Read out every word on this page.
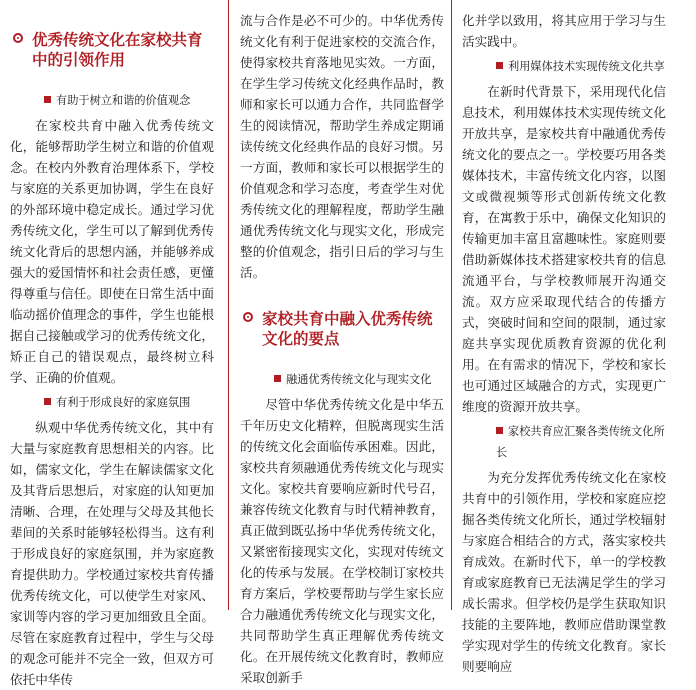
优秀传统文化在家校共育中的引领作用
有助于树立和谐的价值观念

在家校共育中融入优秀传统文化，能够帮助学生树立和谐的价值观念。在校内外教育治理体系下，学校与家庭的关系更加协调，学生在良好的外部环境中稳定成长。通过学习优秀传统文化，学生可以了解到优秀传统文化背后的思想内涵，并能够养成强大的爱国情怀和社会责任感，更懂得尊重与信任。即使在日常生活中面临动摇价值理念的事件，学生也能根据自己接触或学习的优秀传统文化，矫正自己的错误观点，最终树立科学、正确的价值观。

有利于形成良好的家庭氛围

纵观中华优秀传统文化，其中有大量与家庭教育思想相关的内容。比如，儒家文化，学生在解读儒家文化及其背后思想后，对家庭的认知更加清晰、合理，在处理与父母及其他长辈间的关系时能够轻松得当。这有利于形成良好的家庭氛围，并为家庭教育提供助力。学校通过家校共育传播优秀传统文化，可以使学生对家风、家训等内容的学习更加细致且全面。尽管在家庭教育过程中，学生与父母的观念可能并不完全一致，但双方可依托中华传

流与合作是必不可少的。中华优秀传统文化有利于促进家校的交流合作，使得家校共育落地见实效。一方面，在学生学习传统文化经典作品时，教师和家长可以通力合作，共同监督学生的阅读情况，帮助学生养成定期诵读传统文化经典作品的良好习惯。另一方面，教师和家长可以根据学生的价值观念和学习态度，考查学生对优秀传统文化的理解程度，帮助学生融通优秀传统文化与现实文化，形成完整的价值观念，指引日后的学习与生活。

家校共育中融入优秀传统文化的要点
融通优秀传统文化与现实文化

尽管中华优秀传统文化是中华五千年历史文化精粹，但脱离现实生活的传统文化会面临传承困难。因此，家校共育须融通优秀传统文化与现实文化。家校共育要响应新时代号召，兼容传统文化教育与时代精神教育，真正做到既弘扬中华优秀传统文化，又紧密衔接现实文化，实现对传统文化的传承与发展。在学校制订家校共育方案后，学校要帮助与学生家长应合力融通优秀传统文化与现实文化，共同帮助学生真正理解优秀传统文化。在开展传统文化教育时，教师应采取创新手

化并学以致用，将其应用于学习与生活实践中。

利用媒体技术实现传统文化共享

在新时代背景下，采用现代化信息技术，利用媒体技术实现传统文化开放共享，是家校共育中融通优秀传统文化的要点之一。学校要巧用各类媒体技术，丰富传统文化内容，以图文或微视频等形式创新传统文化教育，在寓教于乐中，确保文化知识的传输更加丰富且富趣味性。家庭则要借助新媒体技术搭建家校共育的信息流通平台，与学校教师展开沟通交流。双方应采取现代结合的传播方式，突破时间和空间的限制，通过家庭共享实现优质教育资源的优化利用。在有需求的情况下，学校和家长也可通过区域融合的方式，实现更广维度的资源开放共享。

家校共育应汇聚各类传统文化所长

为充分发挥优秀传统文化在家校共育中的引领作用，学校和家庭应挖掘各类传统文化所长，通过学校辐射与家庭合相结合的方式，落实家校共育成效。在新时代下，单一的学校教育或家庭教育已无法满足学生的学习成长需求。但学校仍是学生获取知识技能的主要阵地，教师应借助课堂教学实现对学生的传统文化教育。家长则要响应
